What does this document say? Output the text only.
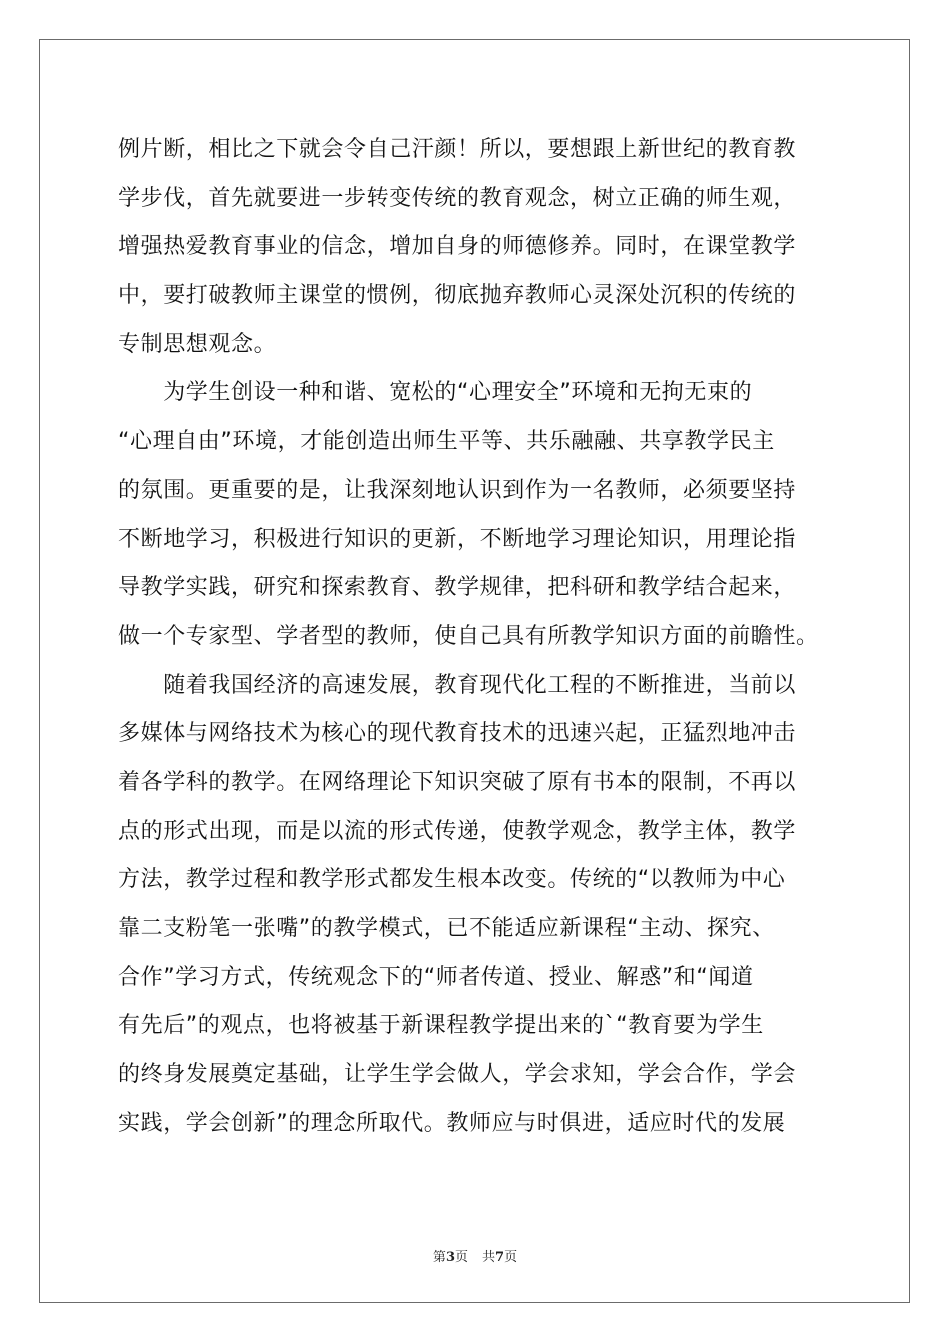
例片断，相比之下就会令自己汗颜！所以，要想跟上新世纪的教育教
学步伐，首先就要进一步转变传统的教育观念，树立正确的师生观，
增强热爱教育事业的信念，增加自身的师德修养。同时，在课堂教学
中，要打破教师主课堂的惯例，彻底抛弃教师心灵深处沉积的传统的
专制思想观念。
　　为学生创设一种和谐、宽松的“心理安全”环境和无拘无束的
“心理自由”环境，才能创造出师生平等、共乐融融、共享教学民主
的氛围。更重要的是，让我深刻地认识到作为一名教师，必须要坚持
不断地学习，积极进行知识的更新，不断地学习理论知识，用理论指
导教学实践，研究和探索教育、教学规律，把科研和教学结合起来，
做一个专家型、学者型的教师，使自己具有所教学知识方面的前瞻性。
　　随着我国经济的高速发展，教育现代化工程的不断推进，当前以
多媒体与网络技术为核心的现代教育技术的迅速兴起，正猛烈地冲击
着各学科的教学。在网络理论下知识突破了原有书本的限制，不再以
点的形式出现，而是以流的形式传递，使教学观念，教学主体，教学
方法，教学过程和教学形式都发生根本改变。传统的“以教师为中心
靠二支粉笔一张嘴”的教学模式，已不能适应新课程“主动、探究、
合作”学习方式，传统观念下的“师者传道、授业、解惑”和“闻道
有先后”的观点，也将被基于新课程教学提出来的`“教育要为学生
的终身发展奠定基础，让学生学会做人，学会求知，学会合作，学会
实践，学会创新”的理念所取代。教师应与时俱进，适应时代的发展
第3页 共7页
